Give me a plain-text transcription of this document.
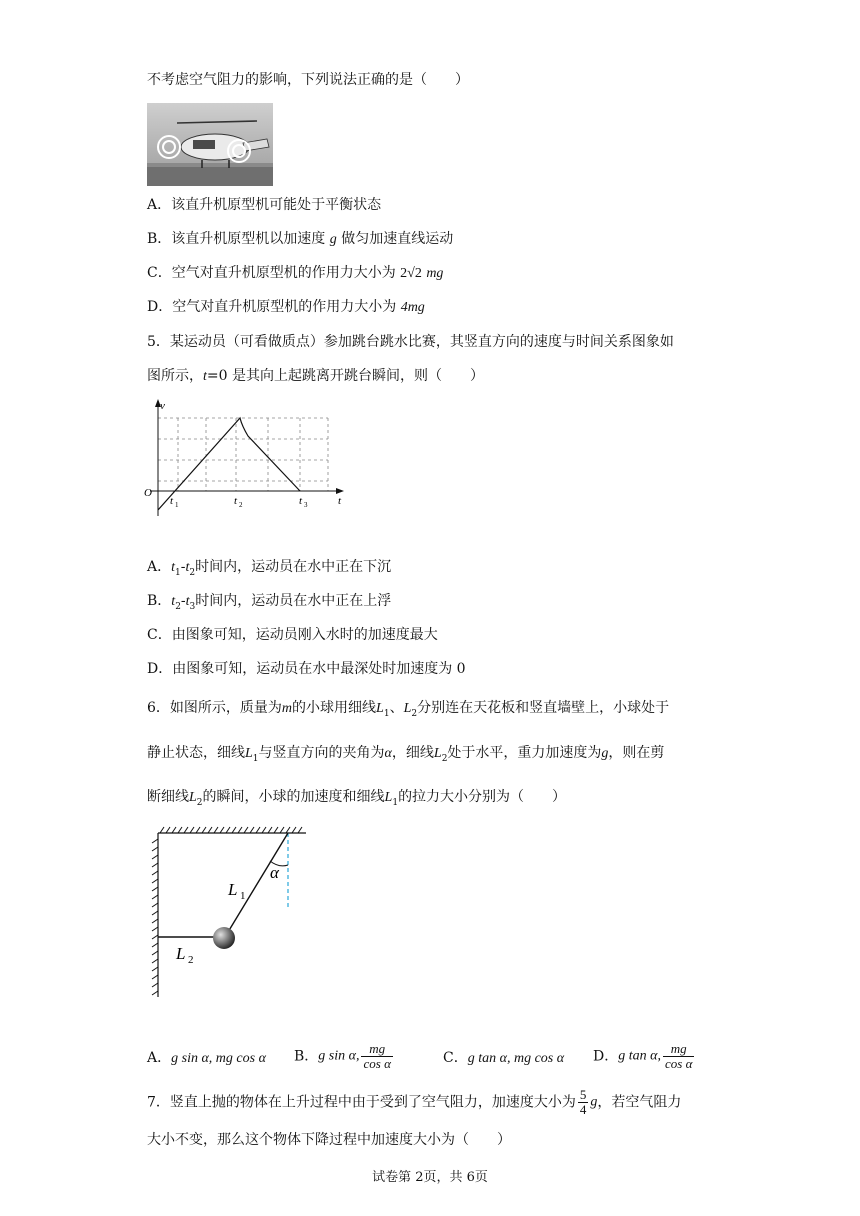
不考虑空气阻力的影响，下列说法正确的是（　　）
A．该直升机原型机可能处于平衡状态
B．该直升机原型机以加速度 g 做匀加速直线运动
C．空气对直升机原型机的作用力大小为 2√2 mg
D．空气对直升机原型机的作用力大小为 4mg
5．某运动员（可看做质点）参加跳台跳水比赛，其竖直方向的速度与时间关系图象如
图所示，t=0 是其向上起跳离开跳台瞬间，则（　　）
v
O
t
t 1	t 2	t 3
A．$t_1-t_2$时间内，运动员在水中正在下沉
B．$t_2-t_3$时间内，运动员在水中正在上浮
C．由图象可知，运动员刚入水时的加速度最大
D．由图象可知，运动员在水中最深处时加速度为 0
6．如图所示，质量为m的小球用细线$L_1$、$L_2$分别连在天花板和竖直墙壁上，小球处于
静止状态，细线$L_1$与竖直方向的夹角为α，细线$L_2$处于水平，重力加速度为g，则在剪
断细线$L_2$的瞬间，小球的加速度和细线$L_1$的拉力大小分别为（　　）
α
L 1
L 2
A．g sin α, mg cos α B．g sin α, $\frac{mg}{\text{cos α}}$	C．g tan α, mg cos α D．g tan α, $\frac{mg}{\text{cos α}}$
7．竖直上抛的物体在上升过程中由于受到了空气阻力，加速度大小为 $\frac{5}{4}$ g，若空气阻力
大小不变，那么这个物体下降过程中加速度大小为（　　）
试卷第 2页，共 6页
